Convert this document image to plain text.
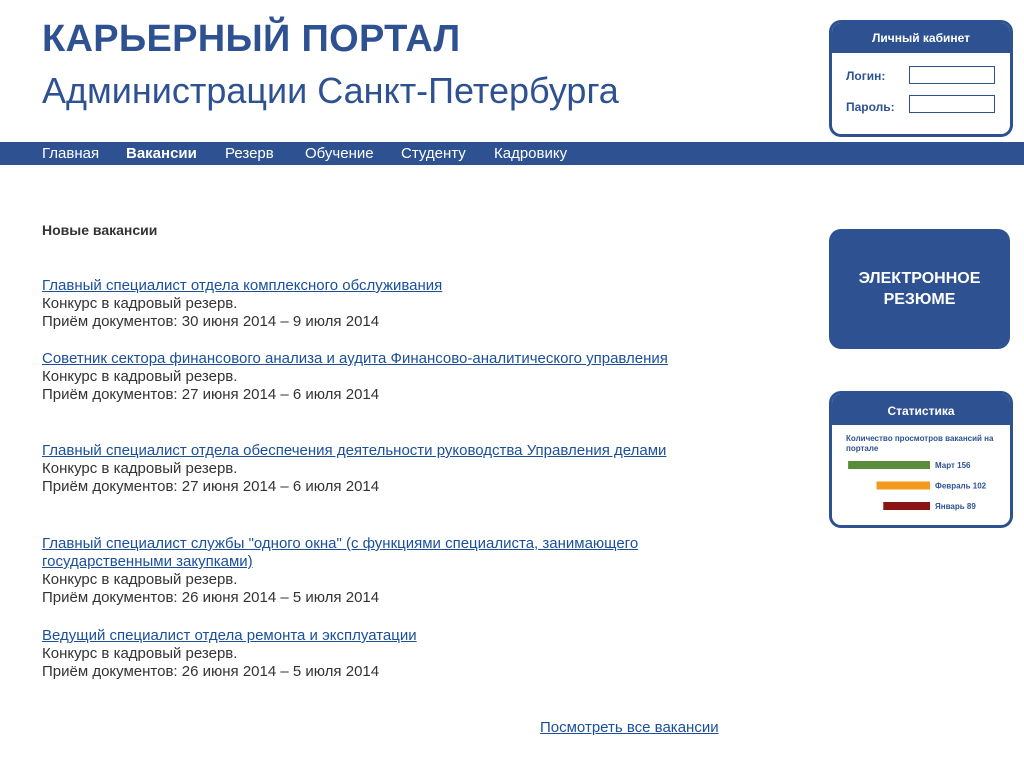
КАРЬЕРНЫЙ ПОРТАЛ
Администрации Санкт-Петербурга
Личный кабинет
Логин:
Пароль:
Главная Вакансии Резерв Обучение Студенту Кадровику
Новые вакансии
Главный специалист отдела комплексного обслуживания
Конкурс в кадровый резерв.
Приём документов: 30 июня 2014 – 9 июля 2014
Советник сектора финансового анализа и аудита Финансово-аналитического управления
Конкурс в кадровый резерв.
Приём документов: 27 июня 2014 – 6 июля 2014
Главный специалист отдела обеспечения деятельности руководства Управления делами
Конкурс в кадровый резерв.
Приём документов: 27 июня 2014 – 6 июля 2014
Главный специалист службы "одного окна" (с функциями специалиста, занимающего государственными закупками)
Конкурс в кадровый резерв.
Приём документов: 26 июня 2014 – 5 июля 2014
Ведущий специалист отдела ремонта и эксплуатации
Конкурс в кадровый резерв.
Приём документов: 26 июня 2014 – 5 июля 2014
Посмотреть все вакансии
ЭЛЕКТРОННОЕ
РЕЗЮМЕ
Статистика
Количество просмотров вакансий на портале
Март 156
Февраль 102
Январь 89
